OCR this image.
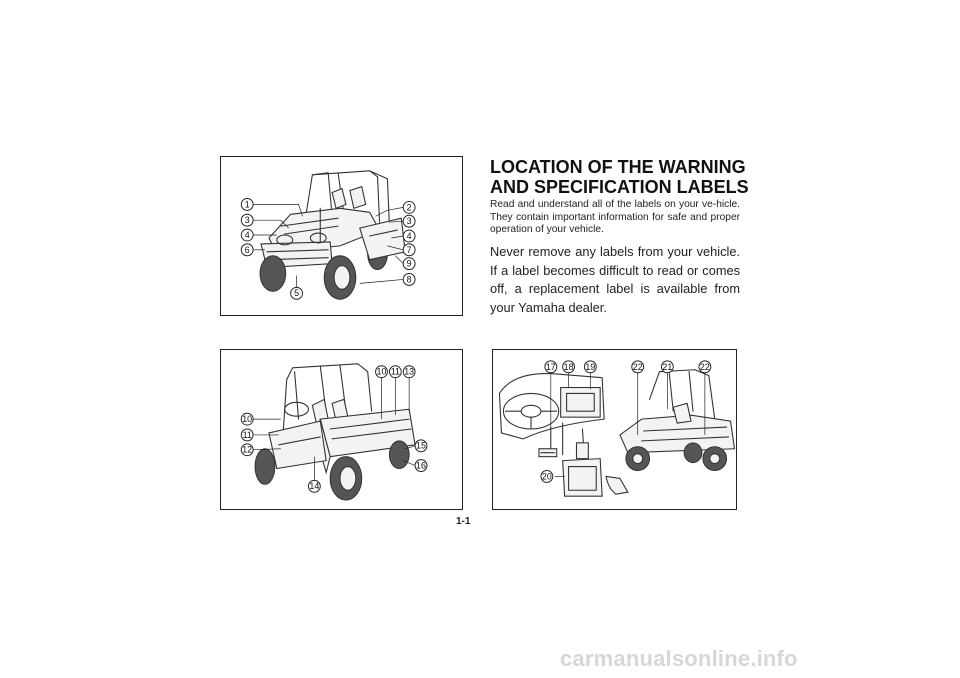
1
3
4
6
2
3
4
7
9
8
5
LOCATION OF THE WARNING
AND SPECIFICATION LABELS
Read and understand all of the labels on your ve-hicle. They contain important information for safe and proper operation of your vehicle.
Never remove any labels from your vehicle. If a label becomes difficult to read or comes off, a replacement label is available from your Yamaha dealer.
10 11 13
10
11
12	15
16
14
17 18 19	22 21	22
20
1-1
carmanualsonline.info
